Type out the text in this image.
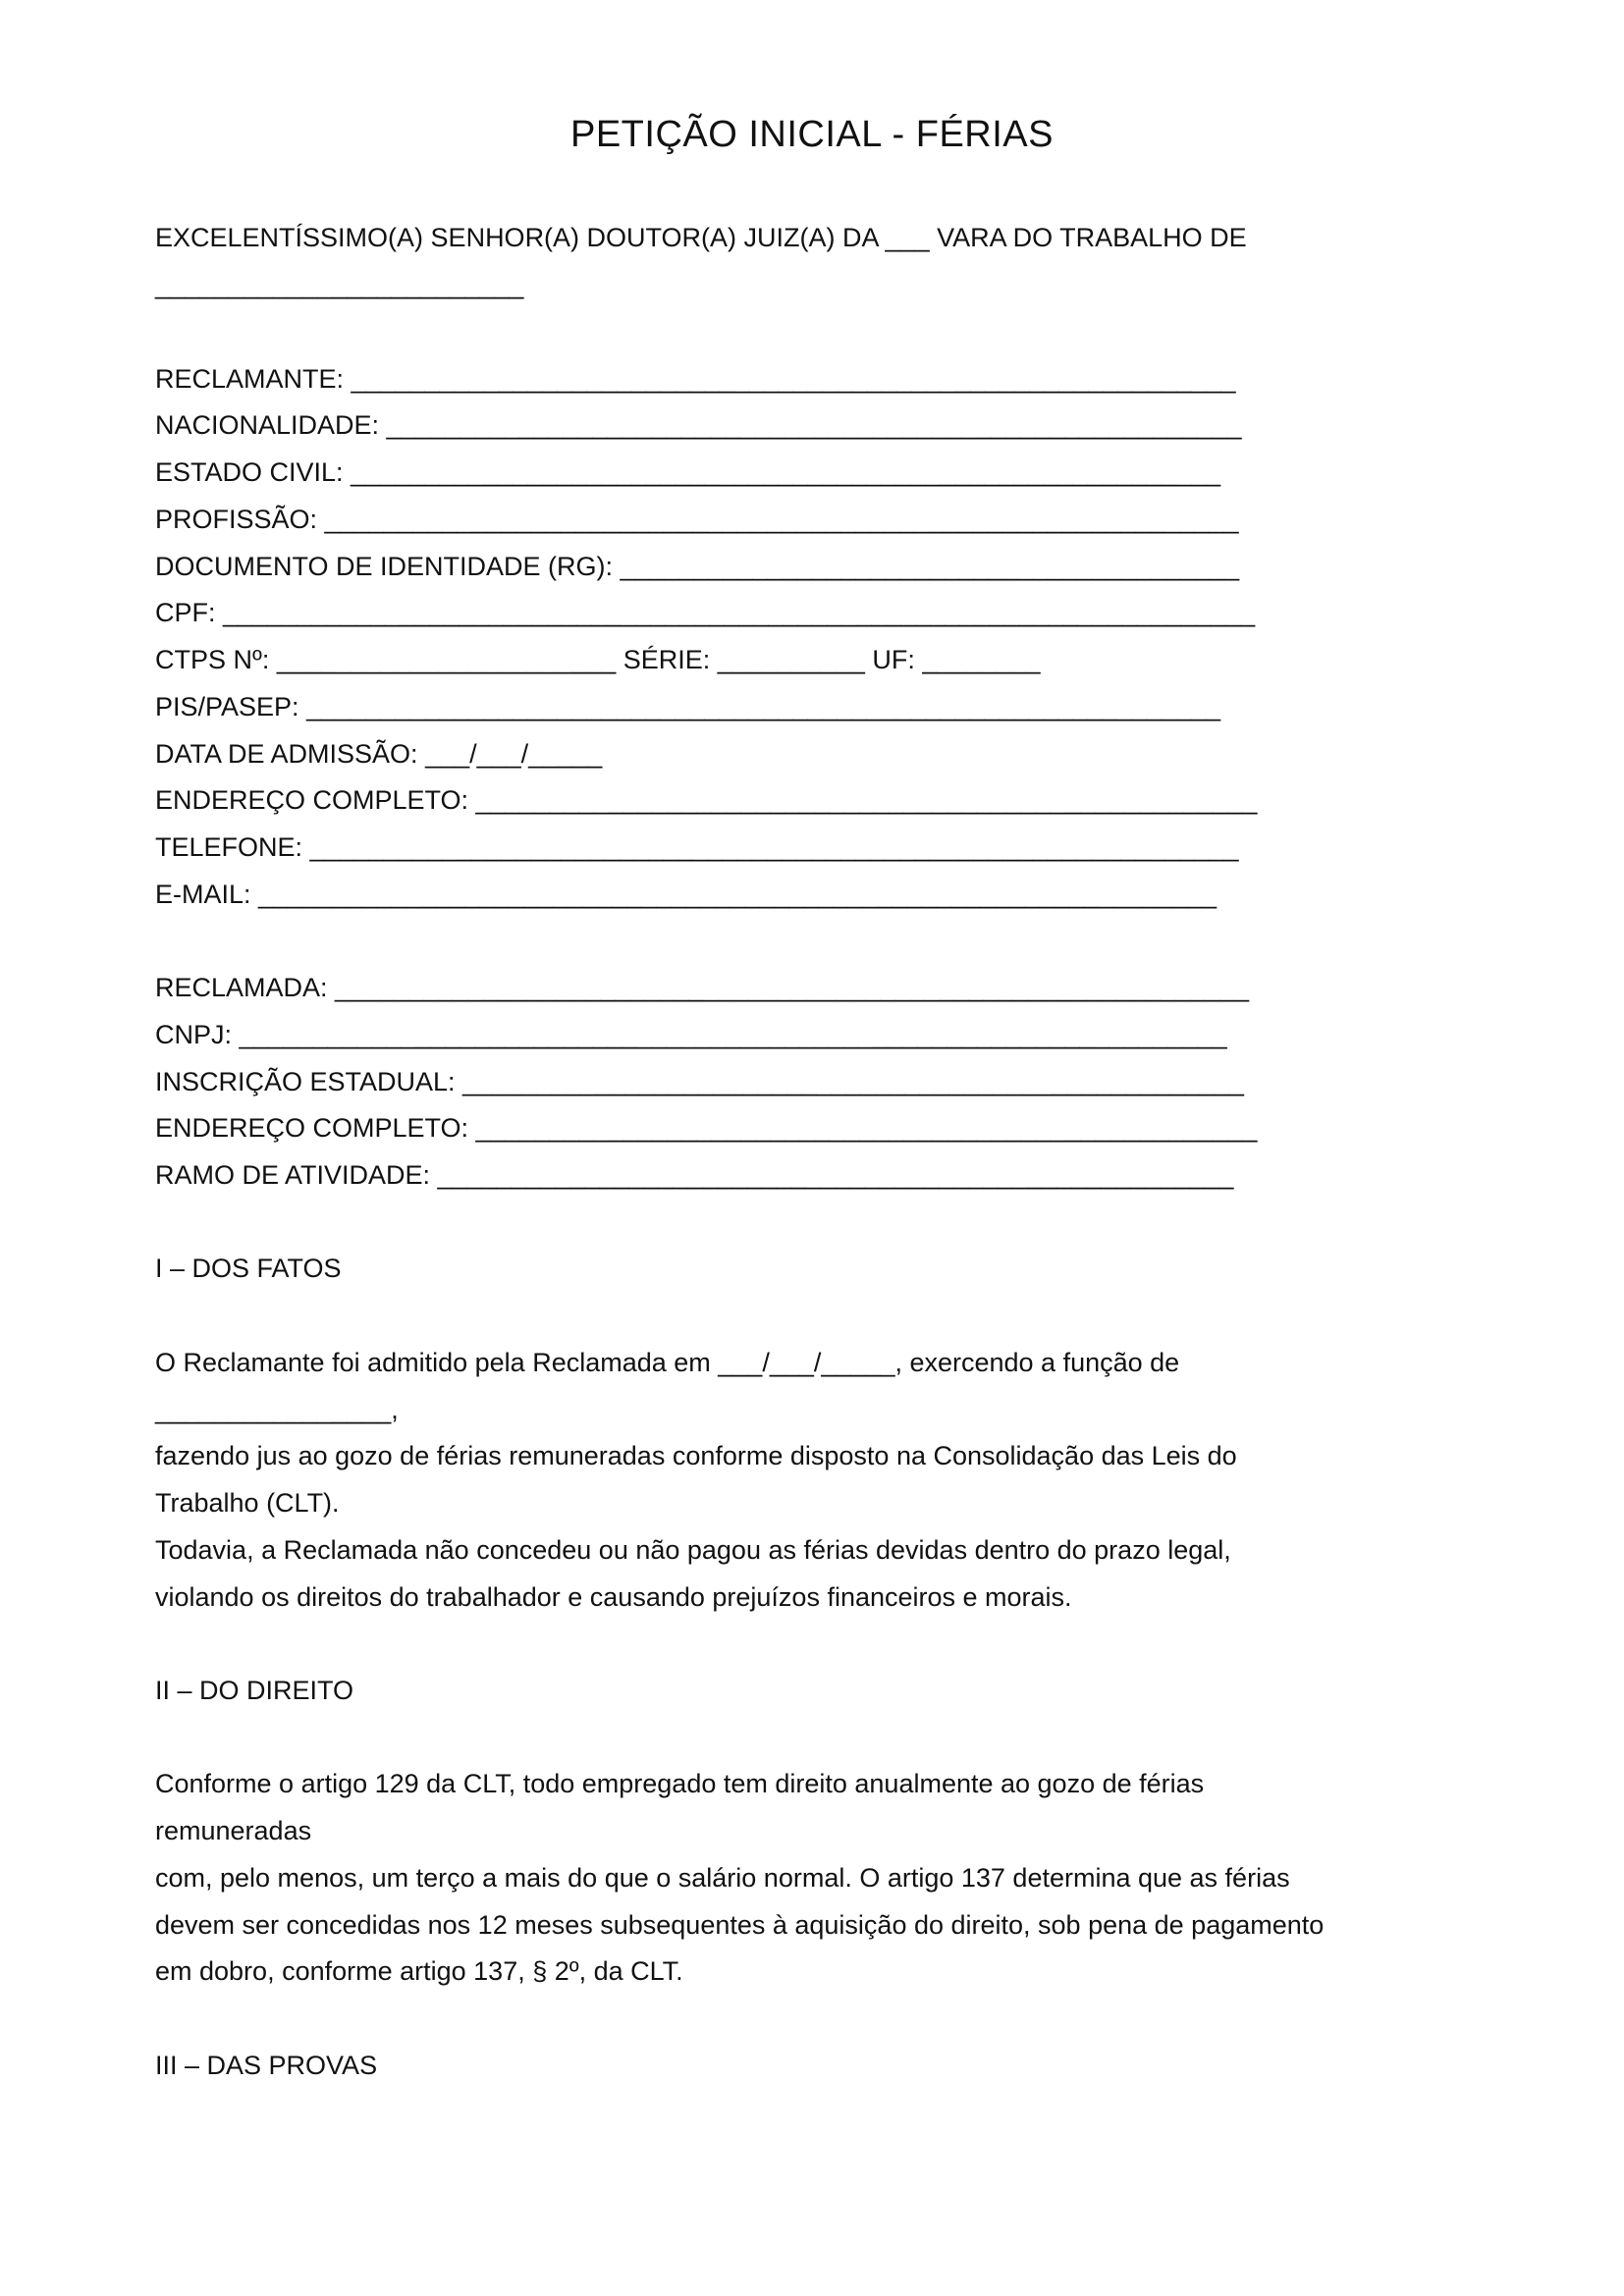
PETIÇÃO INICIAL - FÉRIAS

EXCELENTÍSSIMO(A) SENHOR(A) DOUTOR(A) JUIZ(A) DA ___ VARA DO TRABALHO DE

_________________________

RECLAMANTE: ____________________________________________________________

NACIONALIDADE: __________________________________________________________

ESTADO CIVIL: ___________________________________________________________

PROFISSÃO: ______________________________________________________________

DOCUMENTO DE IDENTIDADE (RG): __________________________________________

CPF: ______________________________________________________________________

CTPS Nº: _______________________ SÉRIE: __________ UF: ________

PIS/PASEP: ______________________________________________________________

DATA DE ADMISSÃO: ___/___/_____

ENDEREÇO COMPLETO: _____________________________________________________

TELEFONE: _______________________________________________________________

E-MAIL: _________________________________________________________________

RECLAMADA: ______________________________________________________________

CNPJ: ___________________________________________________________________

INSCRIÇÃO ESTADUAL: _____________________________________________________

ENDEREÇO COMPLETO: _____________________________________________________

RAMO DE ATIVIDADE: ______________________________________________________

I – DOS FATOS

O Reclamante foi admitido pela Reclamada em ___/___/_____, exercendo a função de

________________,

fazendo jus ao gozo de férias remuneradas conforme disposto na Consolidação das Leis do

Trabalho (CLT).

Todavia, a Reclamada não concedeu ou não pagou as férias devidas dentro do prazo legal,

violando os direitos do trabalhador e causando prejuízos financeiros e morais.

II – DO DIREITO

Conforme o artigo 129 da CLT, todo empregado tem direito anualmente ao gozo de férias

remuneradas

com, pelo menos, um terço a mais do que o salário normal. O artigo 137 determina que as férias

devem ser concedidas nos 12 meses subsequentes à aquisição do direito, sob pena de pagamento

em dobro, conforme artigo 137, § 2º, da CLT.

III – DAS PROVAS
